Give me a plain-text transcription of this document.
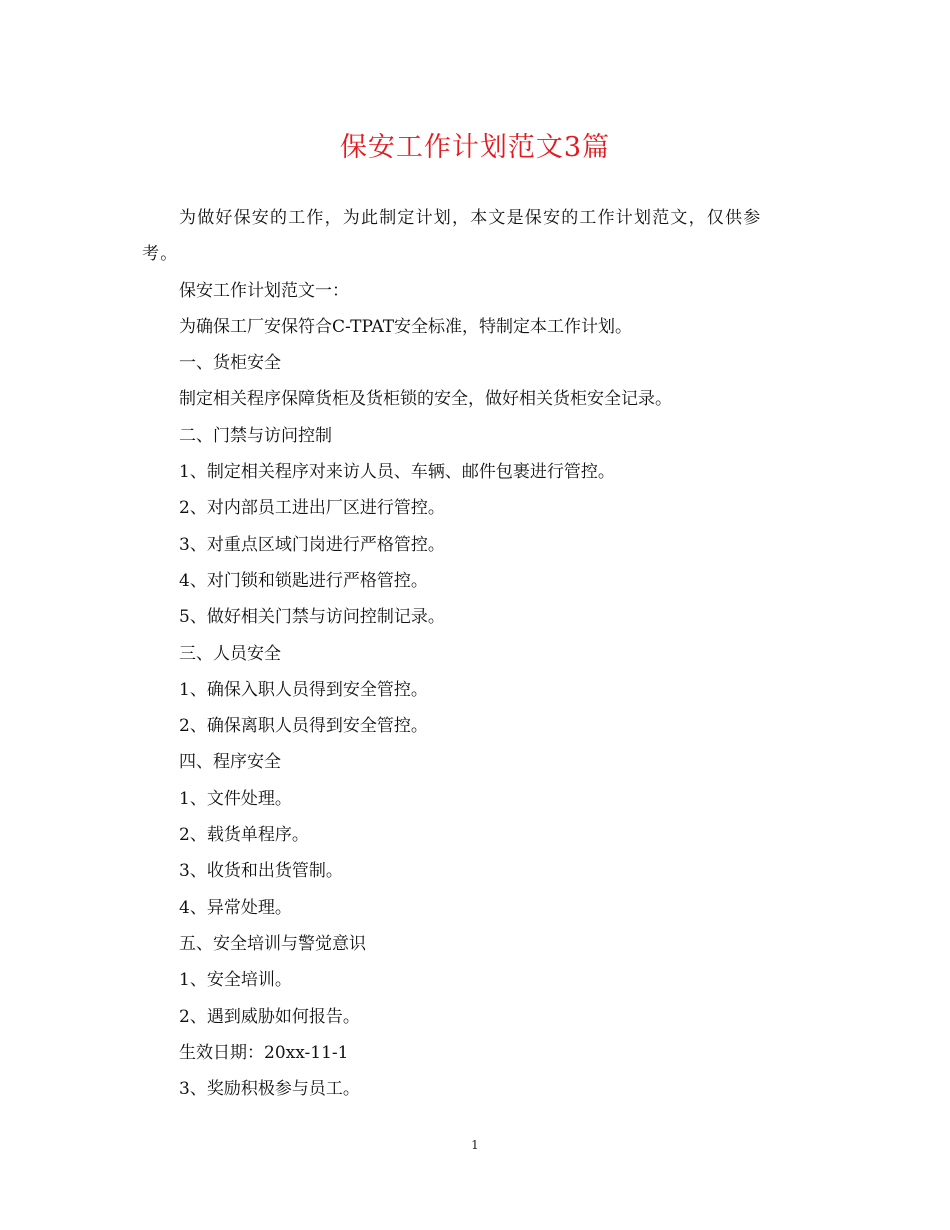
保安工作计划范文3篇

为做好保安的工作，为此制定计划，本文是保安的工作计划范文，仅供参考。

保安工作计划范文一：

为确保工厂安保符合C-TPAT安全标准，特制定本工作计划。

一、货柜安全

制定相关程序保障货柜及货柜锁的安全，做好相关货柜安全记录。

二、门禁与访问控制

1、制定相关程序对来访人员、车辆、邮件包裹进行管控。

2、对内部员工进出厂区进行管控。

3、对重点区域门岗进行严格管控。

4、对门锁和锁匙进行严格管控。

5、做好相关门禁与访问控制记录。

三、人员安全

1、确保入职人员得到安全管控。

2、确保离职人员得到安全管控。

四、程序安全

1、文件处理。

2、载货单程序。

3、收货和出货管制。

4、异常处理。

五、安全培训与警觉意识

1、安全培训。

2、遇到威胁如何报告。

生效日期：20xx-11-1

3、奖励积极参与员工。

1
